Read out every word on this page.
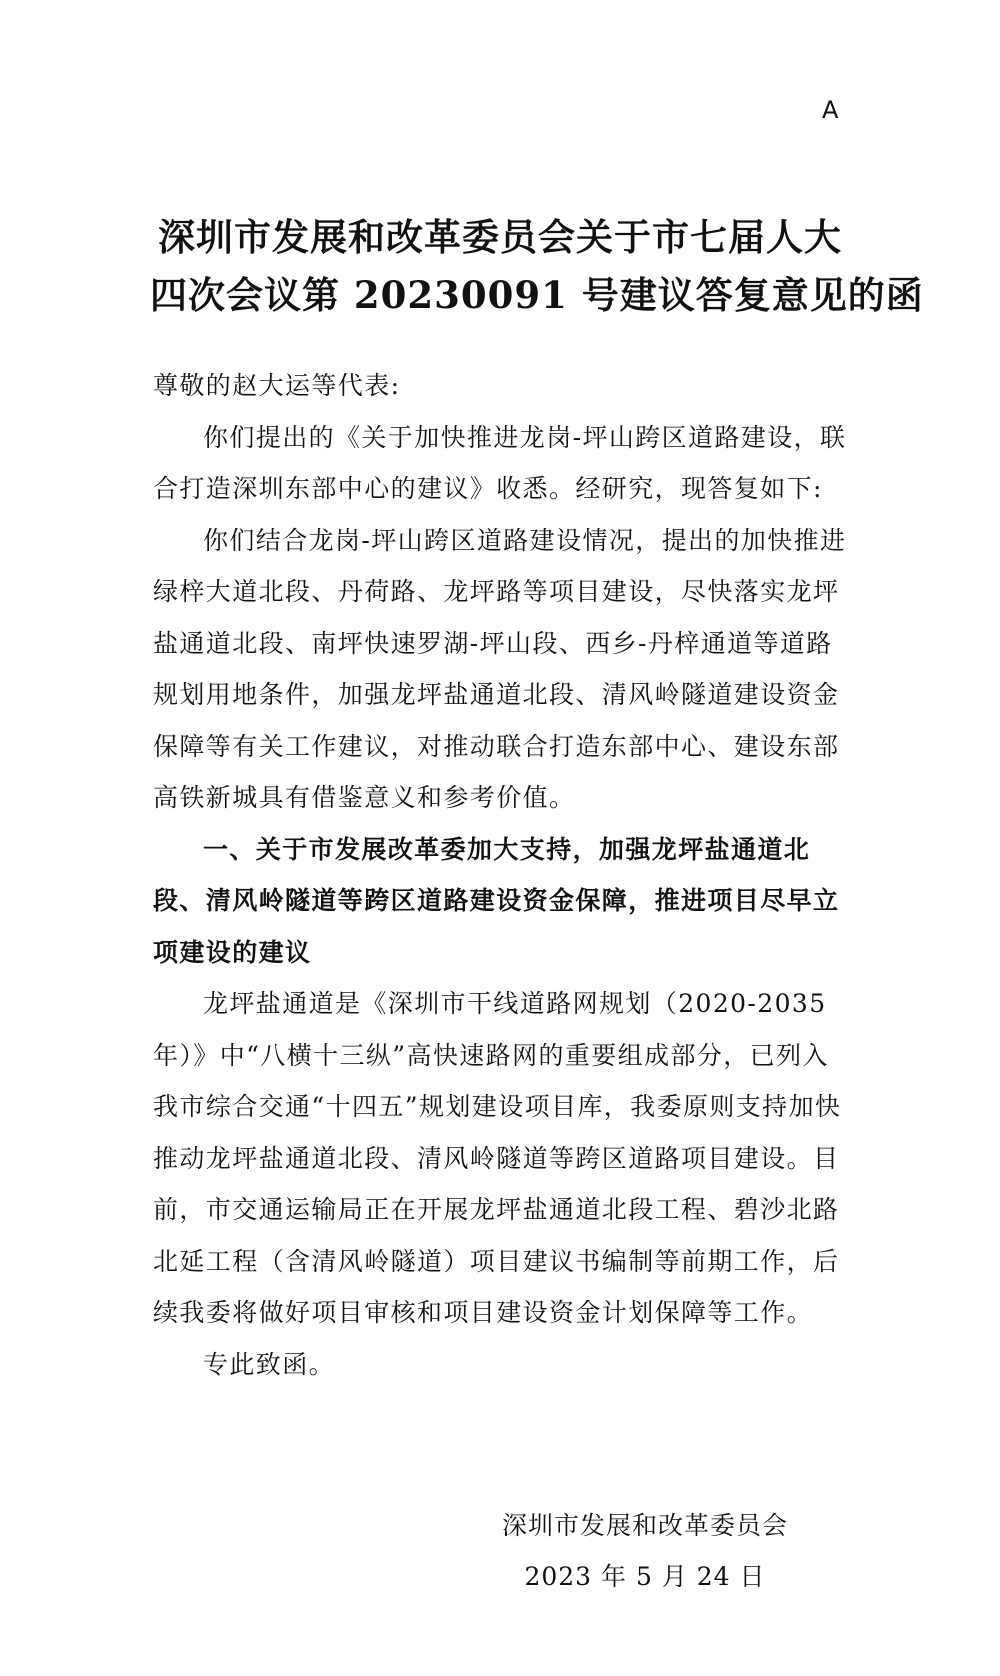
A
深圳市发展和改革委员会关于市七届人大
四次会议第 20230091 号建议答复意见的函

尊敬的赵大运等代表:

你们提出的《关于加快推进龙岗-坪山跨区道路建设，联合打造深圳东部中心的建议》收悉。经研究，现答复如下:

你们结合龙岗-坪山跨区道路建设情况，提出的加快推进绿梓大道北段、丹荷路、龙坪路等项目建设，尽快落实龙坪盐通道北段、南坪快速罗湖-坪山段、西乡-丹梓通道等道路规划用地条件，加强龙坪盐通道北段、清风岭隧道建设资金保障等有关工作建议，对推动联合打造东部中心、建设东部高铁新城具有借鉴意义和参考价值。

一、关于市发展改革委加大支持，加强龙坪盐通道北段、清风岭隧道等跨区道路建设资金保障，推进项目尽早立项建设的建议

龙坪盐通道是《深圳市干线道路网规划（2020-2035年）》中“八横十三纵”高快速路网的重要组成部分，已列入我市综合交通“十四五”规划建设项目库，我委原则支持加快推动龙坪盐通道北段、清风岭隧道等跨区道路项目建设。目前，市交通运输局正在开展龙坪盐通道北段工程、碧沙北路北延工程（含清风岭隧道）项目建议书编制等前期工作，后续我委将做好项目审核和项目建设资金计划保障等工作。

专此致函。

深圳市发展和改革委员会
2023 年 5 月 24 日
